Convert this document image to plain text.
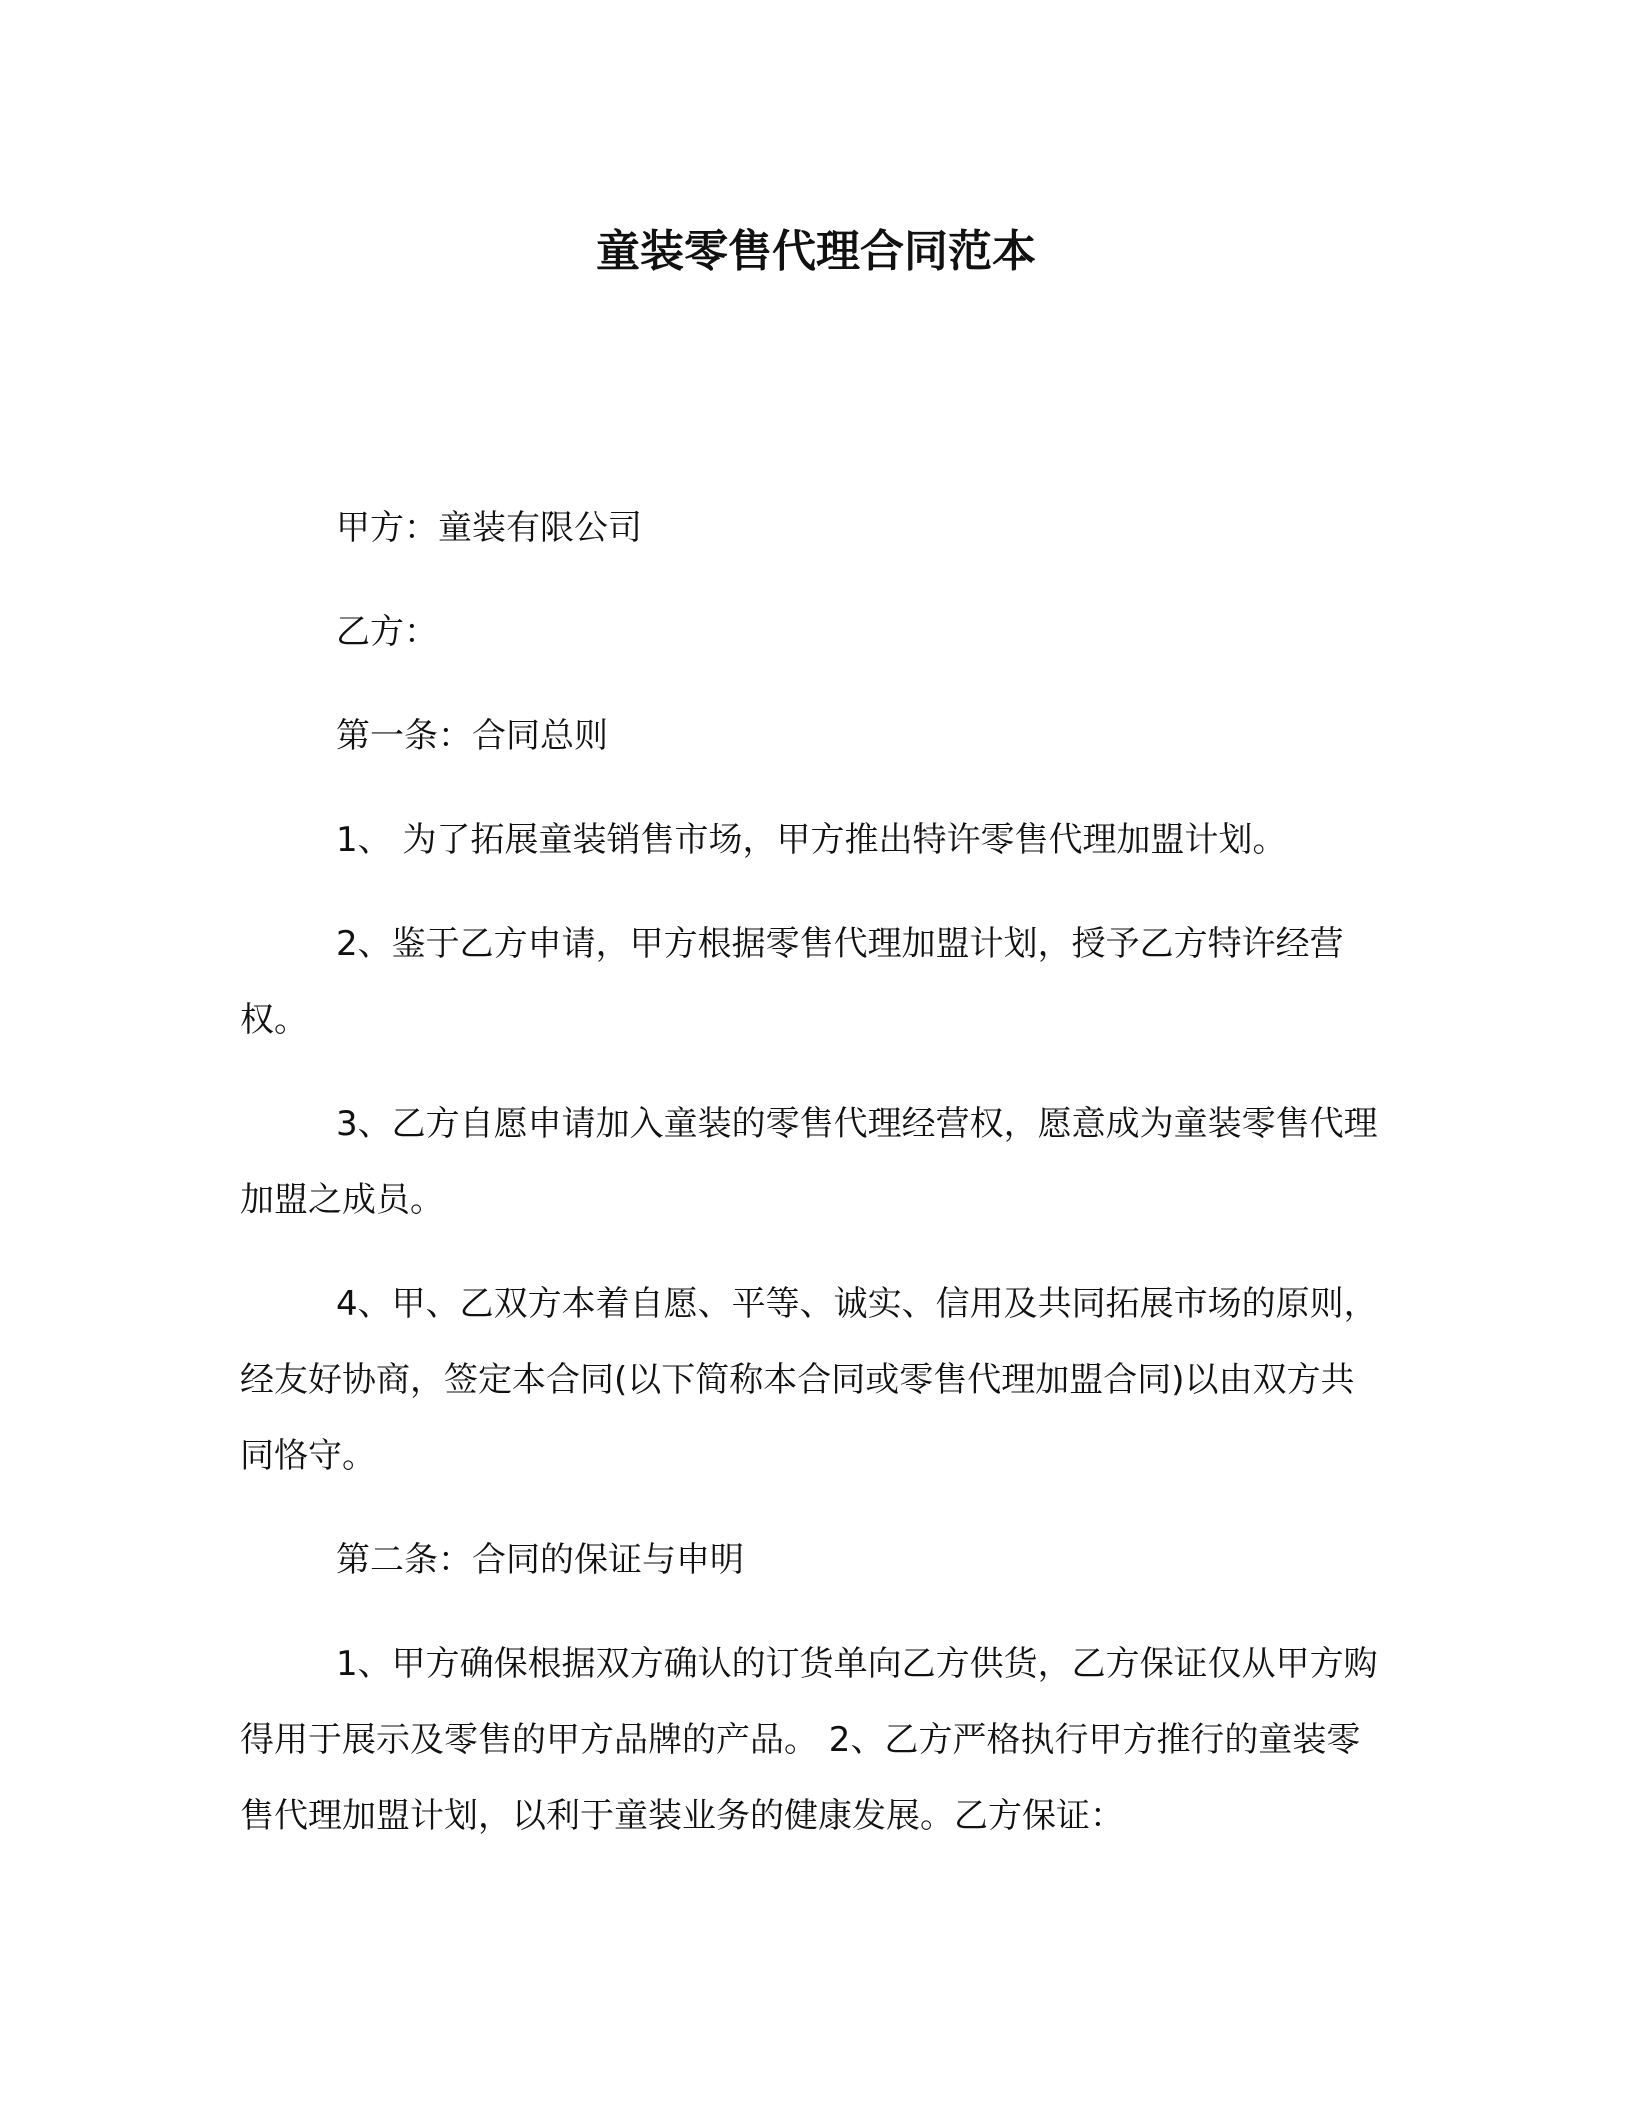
童装零售代理合同范本

甲方：童装有限公司

乙方：

第一条：合同总则

1、 为了拓展童装销售市场，甲方推出特许零售代理加盟计划。

2、鉴于乙方申请，甲方根据零售代理加盟计划，授予乙方特许经营权。

3、乙方自愿申请加入童装的零售代理经营权，愿意成为童装零售代理加盟之成员。

4、甲、乙双方本着自愿、平等、诚实、信用及共同拓展市场的原则，经友好协商，签定本合同(以下简称本合同或零售代理加盟合同)以由双方共同恪守。

第二条：合同的保证与申明

1、甲方确保根据双方确认的订货单向乙方供货，乙方保证仅从甲方购得用于展示及零售的甲方品牌的产品。 2、乙方严格执行甲方推行的童装零售代理加盟计划，以利于童装业务的健康发展。乙方保证：
